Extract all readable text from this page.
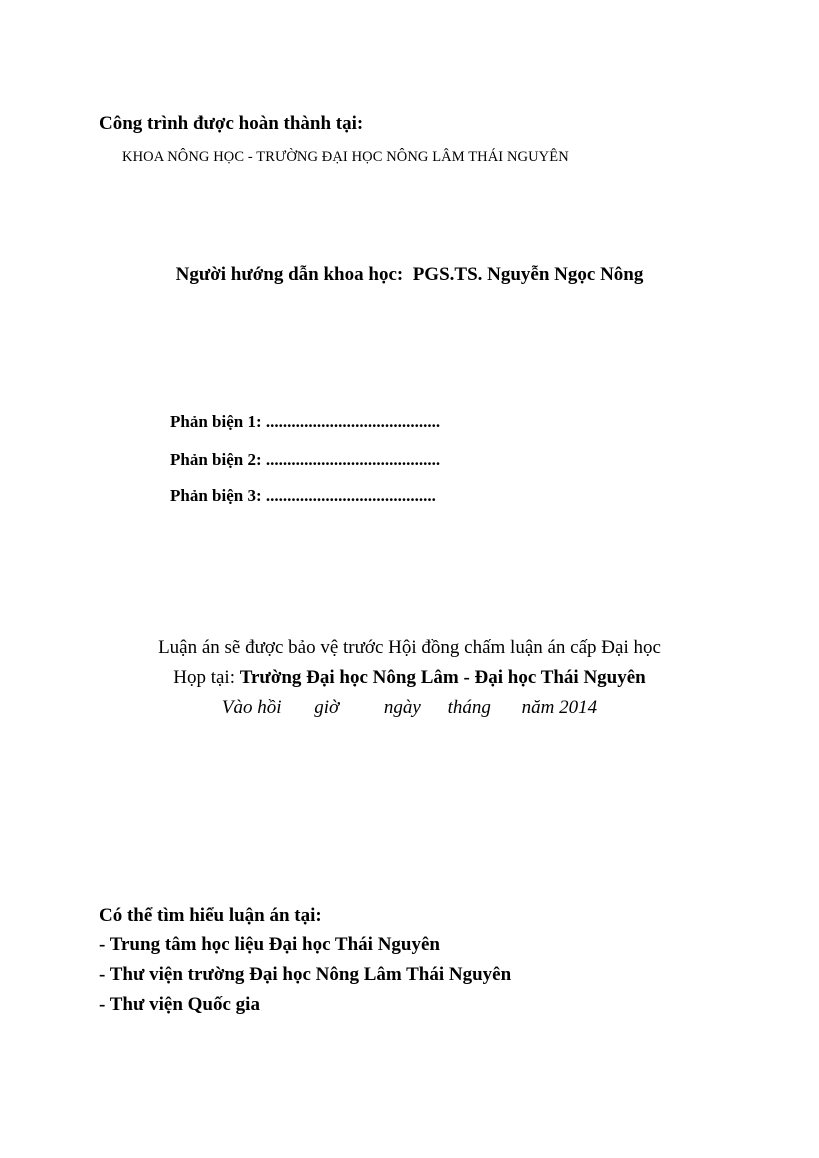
Công trình được hoàn thành tại:
KHOA NÔNG HỌC - TRƯỜNG ĐẠI HỌC NÔNG LÂM THÁI NGUYÊN
Người hướng dẫn khoa học: PGS.TS. Nguyễn Ngọc Nông
Phản biện 1: .........................................
Phản biện 2: .........................................
Phản biện 3: ........................................
Luận án sẽ được bảo vệ trước Hội đồng chấm luận án cấp Đại học
Họp tại: Trường Đại học Nông Lâm - Đại học Thái Nguyên
Vào hồi giờ ngày tháng năm 2014
Có thể tìm hiểu luận án tại:
- Trung tâm học liệu Đại học Thái Nguyên
- Thư viện trường Đại học Nông Lâm Thái Nguyên
- Thư viện Quốc gia
